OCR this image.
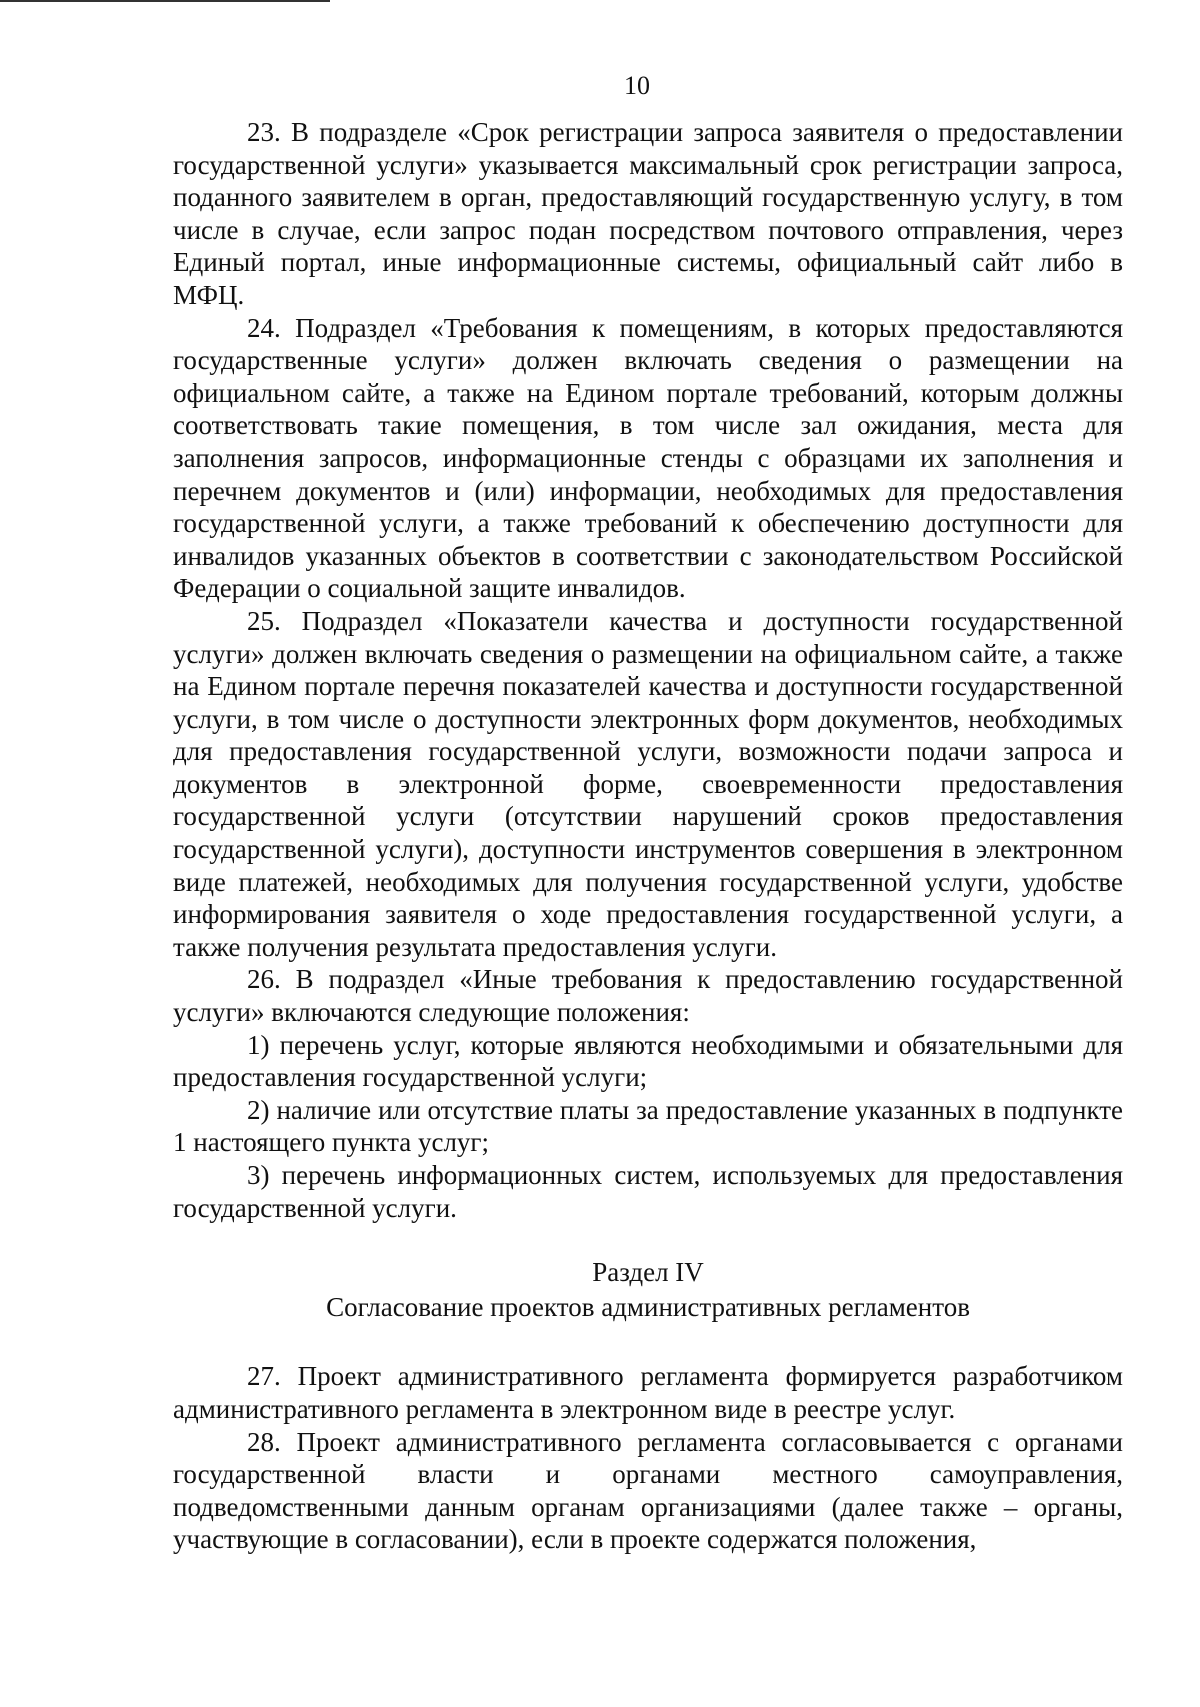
10

23. В подразделе «Срок регистрации запроса заявителя о предоставлении государственной услуги» указывается максимальный срок регистрации запроса, поданного заявителем в орган, предоставляющий государственную услугу, в том числе в случае, если запрос подан посредством почтового отправления, через Единый портал, иные информационные системы, официальный сайт либо в МФЦ.

24. Подраздел «Требования к помещениям, в которых предоставляются государственные услуги» должен включать сведения о размещении на официальном сайте, а также на Едином портале требований, которым должны соответствовать такие помещения, в том числе зал ожидания, места для заполнения запросов, информационные стенды с образцами их заполнения и перечнем документов и (или) информации, необходимых для предоставления государственной услуги, а также требований к обеспечению доступности для инвалидов указанных объектов в соответствии с законодательством Российской Федерации о социальной защите инвалидов.

25. Подраздел «Показатели качества и доступности государственной услуги» должен включать сведения о размещении на официальном сайте, а также на Едином портале перечня показателей качества и доступности государственной услуги, в том числе о доступности электронных форм документов, необходимых для предоставления государственной услуги, возможности подачи запроса и документов в электронной форме, своевременности предоставления государственной услуги (отсутствии нарушений сроков предоставления государственной услуги), доступности инструментов совершения в электронном виде платежей, необходимых для получения государственной услуги, удобстве информирования заявителя о ходе предоставления государственной услуги, а также получения результата предоставления услуги.

26. В подраздел «Иные требования к предоставлению государственной услуги» включаются следующие положения:

1) перечень услуг, которые являются необходимыми и обязательными для предоставления государственной услуги;

2) наличие или отсутствие платы за предоставление указанных в подпункте 1 настоящего пункта услуг;

3) перечень информационных систем, используемых для предоставления государственной услуги.

Раздел IV

Согласование проектов административных регламентов

27. Проект административного регламента формируется разработчиком административного регламента в электронном виде в реестре услуг.

28. Проект административного регламента согласовывается с органами государственной власти и органами местного самоуправления, подведомственными данным органам организациями (далее также – органы, участвующие в согласовании), если в проекте содержатся положения,
